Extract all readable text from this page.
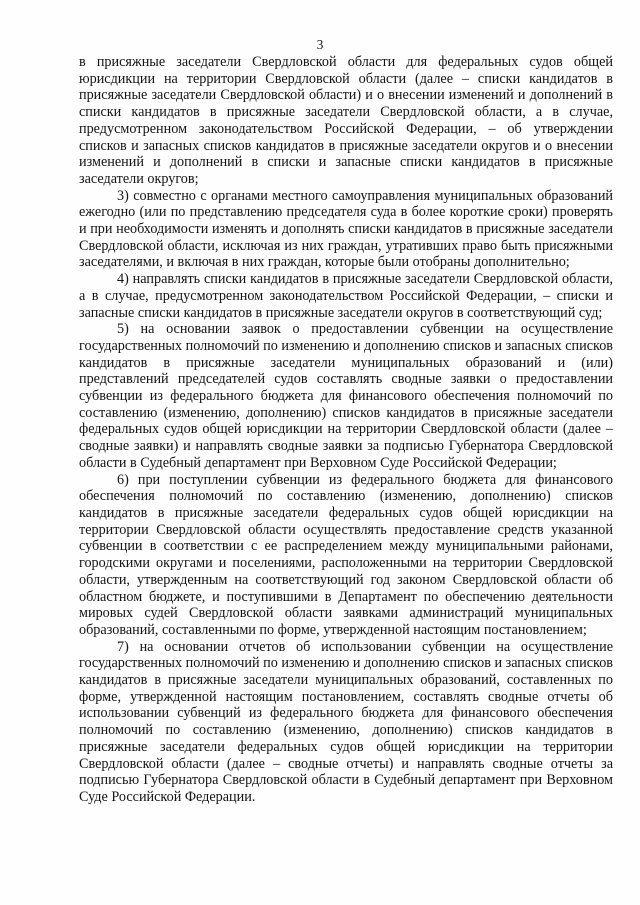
3

в присяжные заседатели Свердловской области для федеральных судов общей юрисдикции на территории Свердловской области (далее – списки кандидатов в присяжные заседатели Свердловской области) и о внесении изменений и дополнений в списки кандидатов в присяжные заседатели Свердловской области, а в случае, предусмотренном законодательством Российской Федерации, – об утверждении списков и запасных списков кандидатов в присяжные заседатели округов и о внесении изменений и дополнений в списки и запасные списки кандидатов в присяжные заседатели округов;

3) совместно с органами местного самоуправления муниципальных образований ежегодно (или по представлению председателя суда в более короткие сроки) проверять и при необходимости изменять и дополнять списки кандидатов в присяжные заседатели Свердловской области, исключая из них граждан, утративших право быть присяжными заседателями, и включая в них граждан, которые были отобраны дополнительно;

4) направлять списки кандидатов в присяжные заседатели Свердловской области, а в случае, предусмотренном законодательством Российской Федерации, – списки и запасные списки кандидатов в присяжные заседатели округов в соответствующий суд;

5) на основании заявок о предоставлении субвенции на осуществление государственных полномочий по изменению и дополнению списков и запасных списков кандидатов в присяжные заседатели муниципальных образований и (или) представлений председателей судов составлять сводные заявки о предоставлении субвенции из федерального бюджета для финансового обеспечения полномочий по составлению (изменению, дополнению) списков кандидатов в присяжные заседатели федеральных судов общей юрисдикции на территории Свердловской области (далее – сводные заявки) и направлять сводные заявки за подписью Губернатора Свердловской области в Судебный департамент при Верховном Суде Российской Федерации;

6) при поступлении субвенции из федерального бюджета для финансового обеспечения полномочий по составлению (изменению, дополнению) списков кандидатов в присяжные заседатели федеральных судов общей юрисдикции на территории Свердловской области осуществлять предоставление средств указанной субвенции в соответствии с ее распределением между муниципальными районами, городскими округами и поселениями, расположенными на территории Свердловской области, утвержденным на соответствующий год законом Свердловской области об областном бюджете, и поступившими в Департамент по обеспечению деятельности мировых судей Свердловской области заявками администраций муниципальных образований, составленными по форме, утвержденной настоящим постановлением;

7) на основании отчетов об использовании субвенции на осуществление государственных полномочий по изменению и дополнению списков и запасных списков кандидатов в присяжные заседатели муниципальных образований, составленных по форме, утвержденной настоящим постановлением, составлять сводные отчеты об использовании субвенций из федерального бюджета для финансового обеспечения полномочий по составлению (изменению, дополнению) списков кандидатов в присяжные заседатели федеральных судов общей юрисдикции на территории Свердловской области (далее – сводные отчеты) и направлять сводные отчеты за подписью Губернатора Свердловской области в Судебный департамент при Верховном Суде Российской Федерации.
